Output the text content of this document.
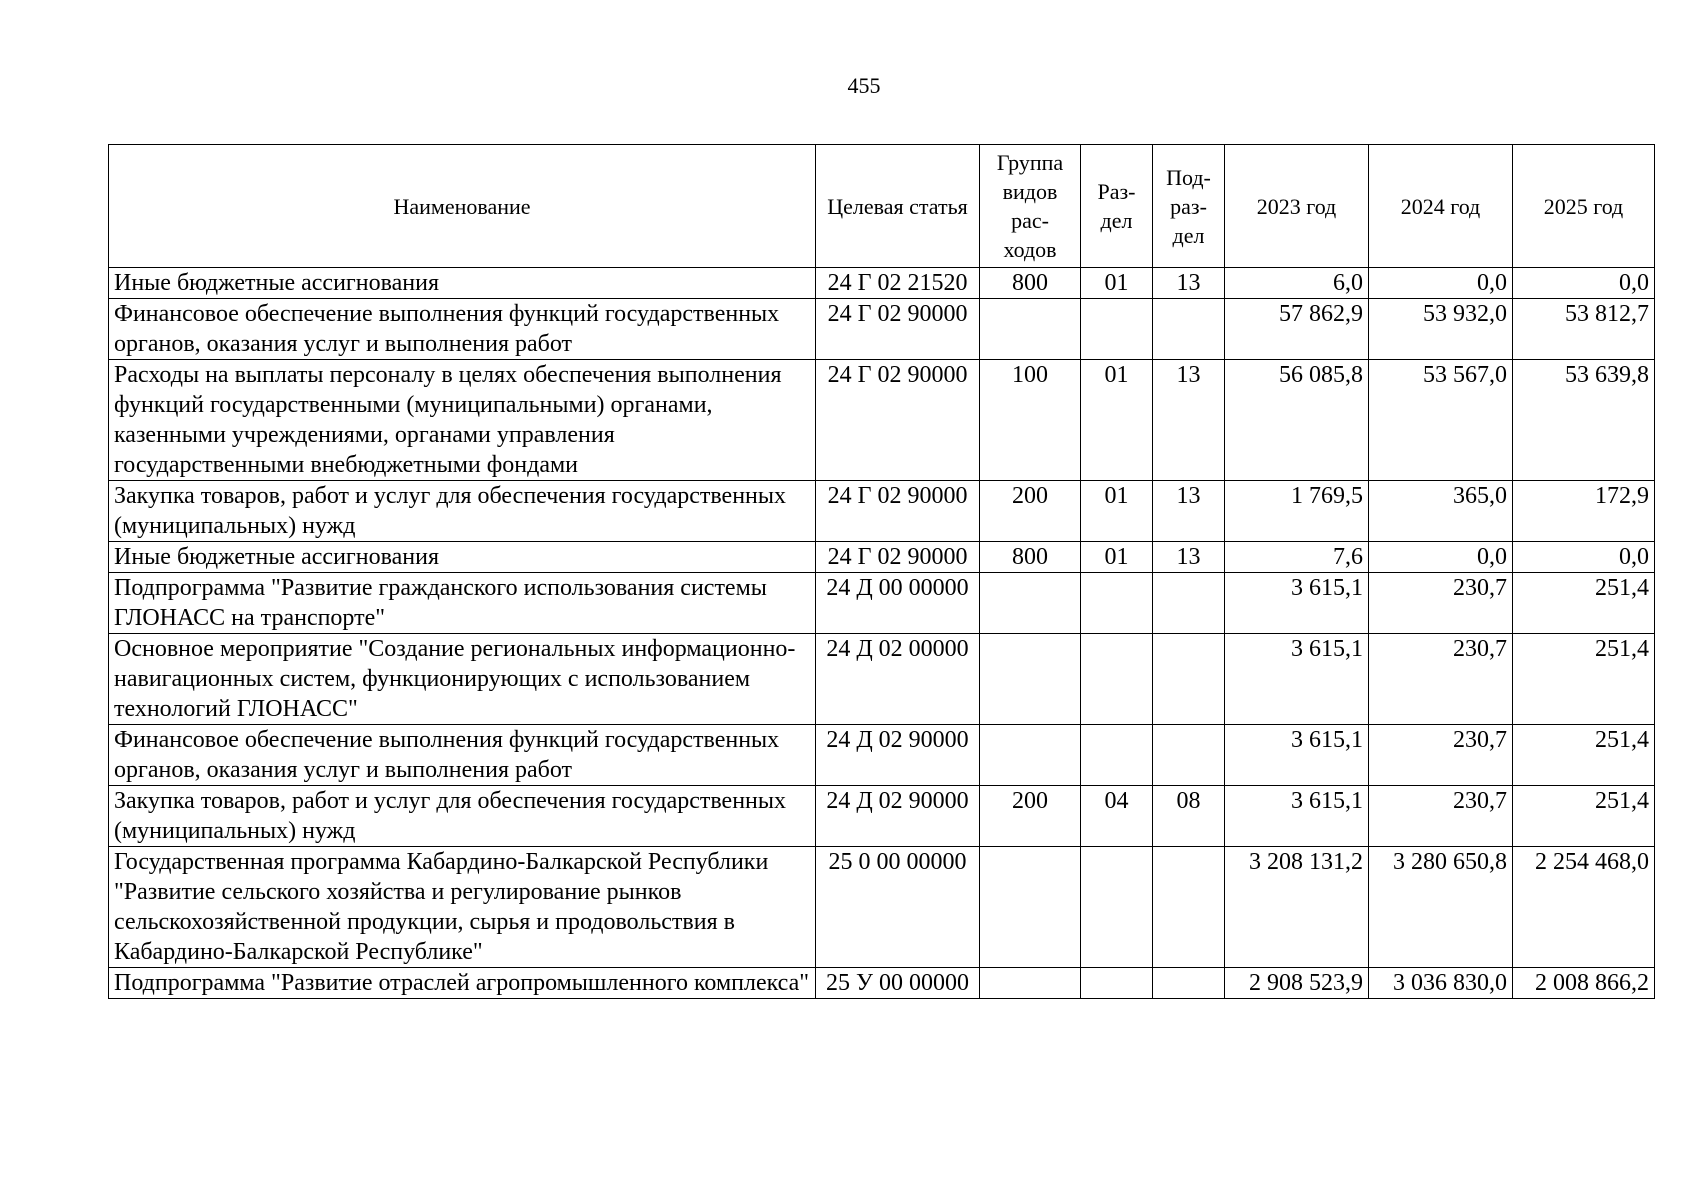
455
Наименование	Целевая статья	Группа видов рас- ходов	Раз- дел	Под- раз- дел	2023 год	2024 год	2025 год
Иные бюджетные ассигнования	24 Г 02 21520	800	01	13	6,0	0,0	0,0
Финансовое обеспечение выполнения функций государственных органов, оказания услуг и выполнения работ	24 Г 02 90000				57 862,9	53 932,0	53 812,7
Расходы на выплаты персоналу в целях обеспечения выполнения функций государственными (муниципальными) органами, казенными учреждениями, органами управления государственными внебюджетными фондами	24 Г 02 90000	100	01	13	56 085,8	53 567,0	53 639,8
Закупка товаров, работ и услуг для обеспечения государственных (муниципальных) нужд	24 Г 02 90000	200	01	13	1 769,5	365,0	172,9
Иные бюджетные ассигнования	24 Г 02 90000	800	01	13	7,6	0,0	0,0
Подпрограмма "Развитие гражданского использования системы ГЛОНАСС на транспорте"	24 Д 00 00000				3 615,1	230,7	251,4
Основное мероприятие "Создание региональных информационно-навигационных систем, функционирующих с использованием технологий ГЛОНАСС"	24 Д 02 00000				3 615,1	230,7	251,4
Финансовое обеспечение выполнения функций государственных органов, оказания услуг и выполнения работ	24 Д 02 90000				3 615,1	230,7	251,4
Закупка товаров, работ и услуг для обеспечения государственных (муниципальных) нужд	24 Д 02 90000	200	04	08	3 615,1	230,7	251,4
Государственная программа Кабардино-Балкарской Республики "Развитие сельского хозяйства и регулирование рынков сельскохозяйственной продукции, сырья и продовольствия в Кабардино-Балкарской Республике"	25 0 00 00000				3 208 131,2	3 280 650,8	2 254 468,0
Подпрограмма "Развитие отраслей агропромышленного комплекса"	25 У 00 00000				2 908 523,9	3 036 830,0	2 008 866,2
